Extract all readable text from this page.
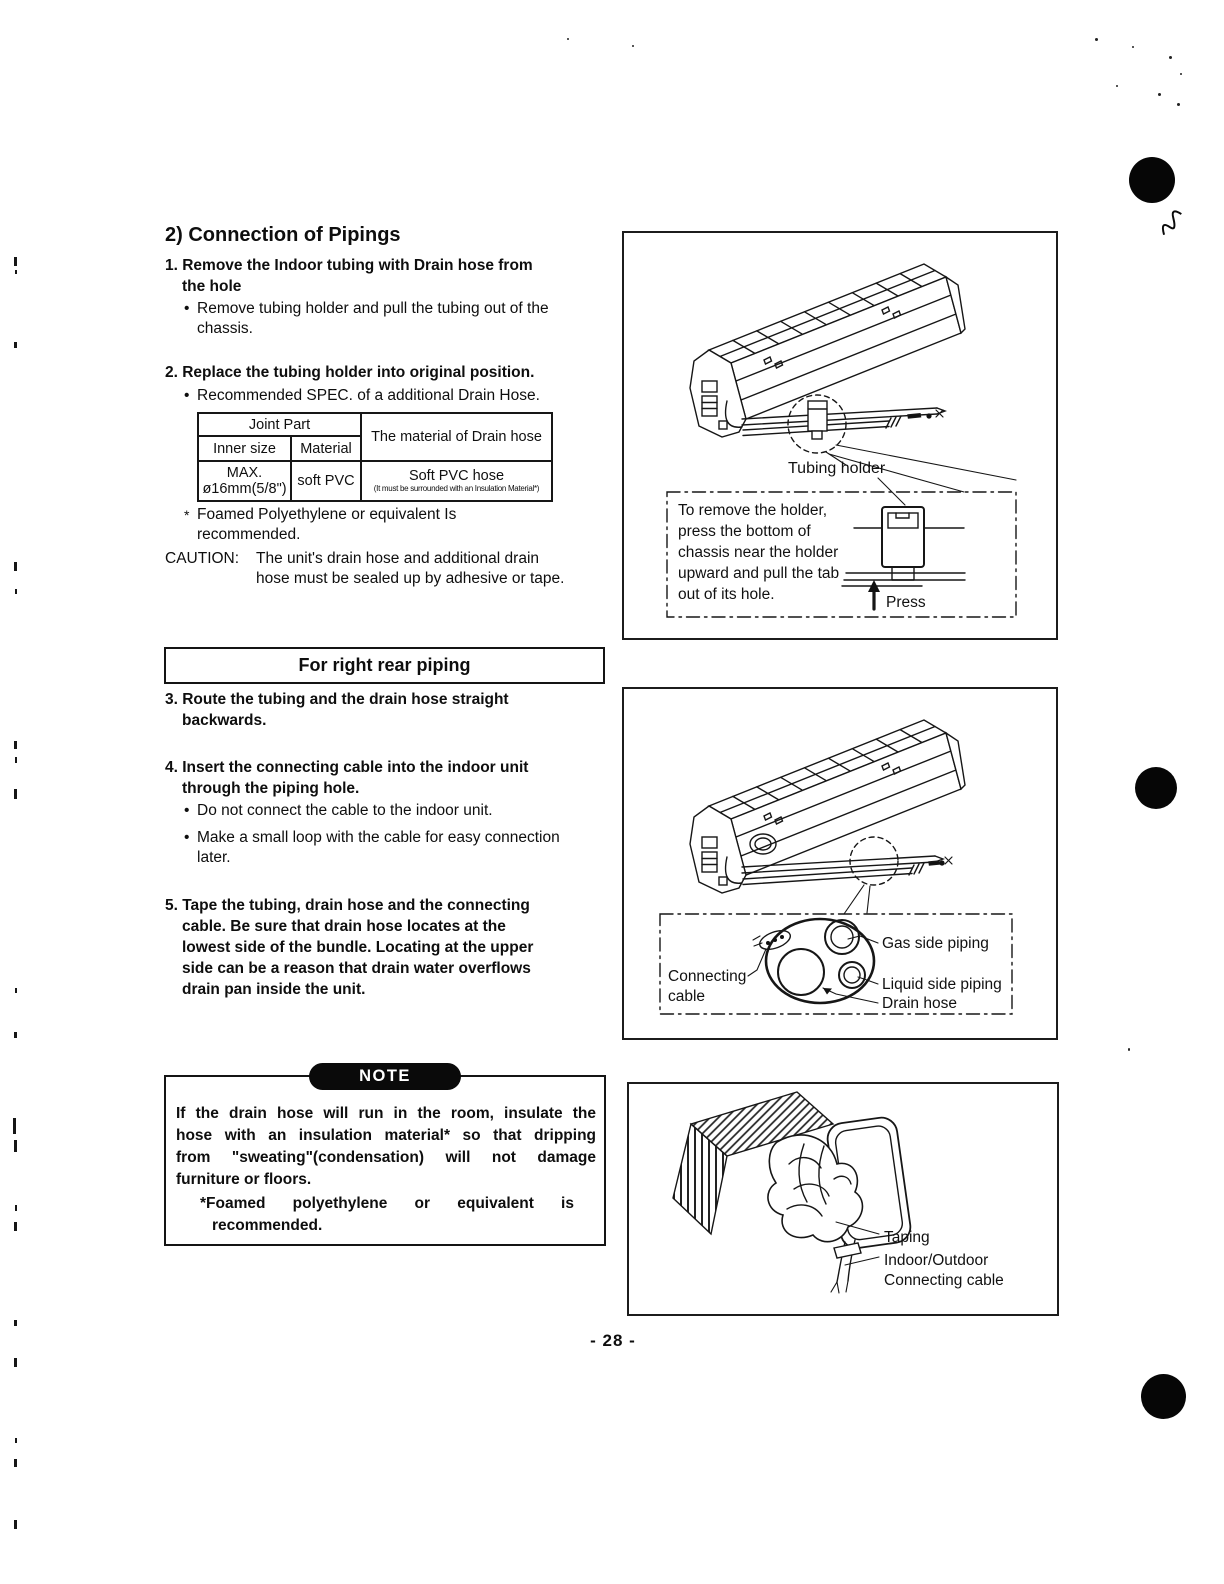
2) Connection of Pipings
1. Remove the Indoor tubing with Drain hose from
the hole
• Remove tubing holder and pull the tubing out of the
chassis.
2. Replace the tubing holder into original position.
• Recommended SPEC. of a additional Drain Hose.
Joint Part		The material of Drain hose
Inner size	Material	

MAX.
ø16mm(5/8")	soft PVC	Soft PVC hose
(It must be surrounded with an Insulation Material*)
* Foamed Polyethylene or equivalent Is
recommended.
CAUTION:	The unit's drain hose and additional drain
hose must be sealed up by adhesive or tape.
For right rear piping
3. Route the tubing and the drain hose straight
backwards.
4. Insert the connecting cable into the indoor unit
through the piping hole.
• Do not connect the cable to the indoor unit.
• Make a small loop with the cable for easy connection
later.
5. Tape the tubing, drain hose and the connecting
cable. Be sure that drain hose locates at the
lowest side of the bundle. Locating at the upper
side can be a reason that drain water overflows
drain pan inside the unit.
NOTE
If the drain hose will run in the room, insulate the
hose with an insulation material* so that dripping
from "sweating"(condensation) will not damage
furniture or floors.
*Foamed polyethylene or equivalent is
recommended.
Tubing holder
To remove the holder,
press the bottom of
chassis near the holder
upward and pull the tab
out of its hole.	Press
Gas side piping
Liquid side piping
Drain hose
Connecting
cable
Taping
Indoor/Outdoor
Connecting cable
- 28 -
